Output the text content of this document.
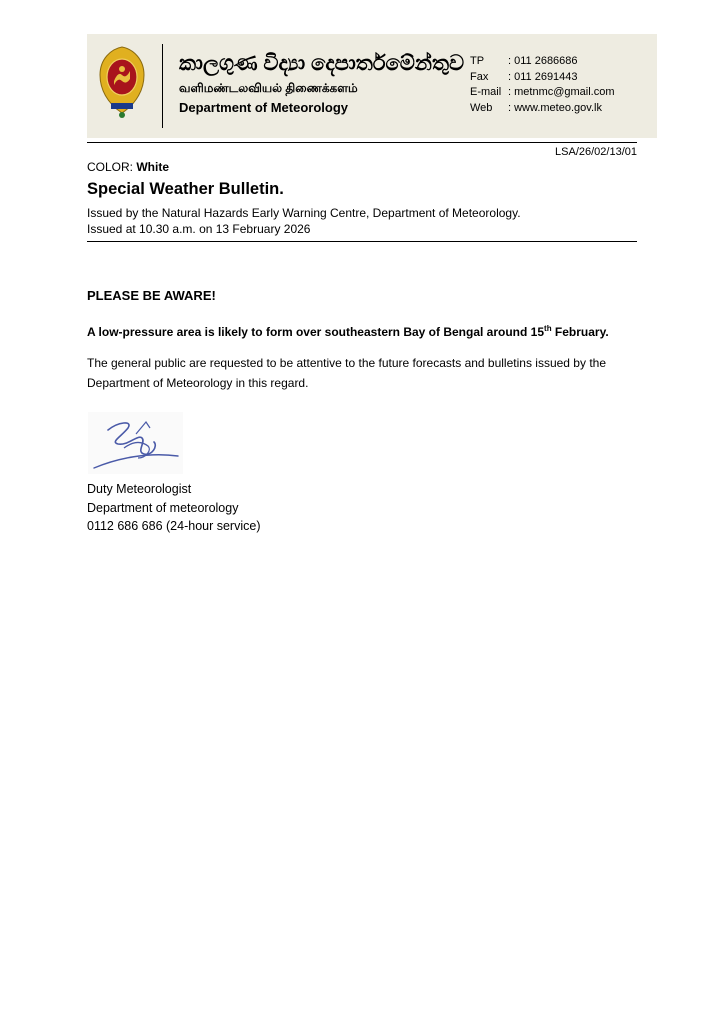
කාලගුණ විද්‍යා දෙපාර්තමේන්තුව
வளிமண்டலவியல் திணைக்களம்
Department of Meteorology
TP	: 011 2686686
Fax	: 011 2691443
E-mail : metnmc@gmail.com
Web	: www.meteo.gov.lk
LSA/26/02/13/01
COLOR: White
Special Weather Bulletin.
Issued by the Natural Hazards Early Warning Centre, Department of Meteorology.
Issued at 10.30 a.m. on 13 February 2026
PLEASE BE AWARE!
A low-pressure area is likely to form over southeastern Bay of Bengal around 15th February.
The general public are requested to be attentive to the future forecasts and bulletins issued by the Department of Meteorology in this regard.
Duty Meteorologist
Department of meteorology
0112 686 686 (24-hour service)
